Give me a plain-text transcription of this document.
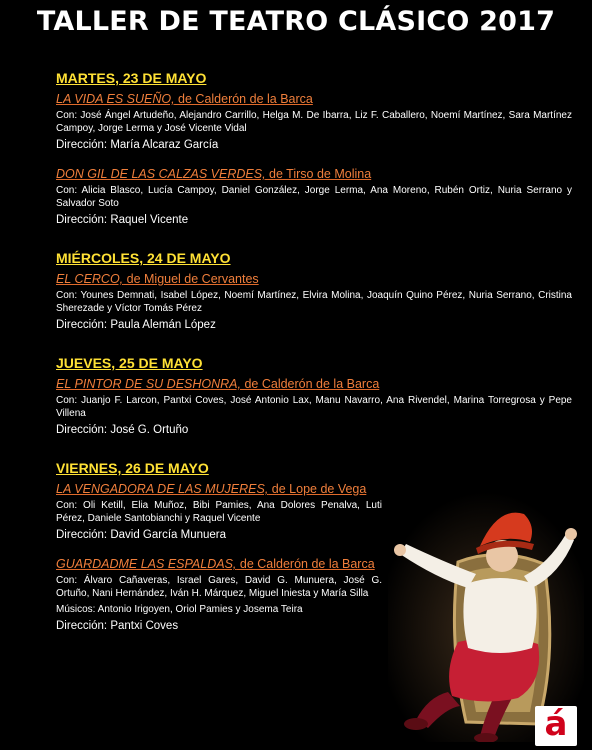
TALLER DE TEATRO CLÁSICO 2017
MARTES, 23 DE MAYO
LA VIDA ES SUEÑO, de Calderón de la Barca
Con: José Ángel Artudeño, Alejandro Carrillo, Helga M. De Ibarra, Liz F. Caballero, Noemí Martínez, Sara Martínez Campoy, Jorge Lerma y José Vicente Vidal
Dirección: María Alcaraz García
DON GIL DE LAS CALZAS VERDES, de Tirso de Molina
Con: Alicia Blasco, Lucía Campoy, Daniel González, Jorge Lerma, Ana Moreno, Rubén Ortiz, Nuria Serrano y Salvador Soto
Dirección: Raquel Vicente
MIÉRCOLES, 24 DE MAYO
EL CERCO, de Miguel de Cervantes
Con: Younes Demnati, Isabel López, Noemí Martínez, Elvira Molina, Joaquín Quino Pérez, Nuria Serrano, Cristina Sherezade y Víctor Tomás Pérez
Dirección: Paula Alemán López
JUEVES, 25 DE MAYO
EL PINTOR DE SU DESHONRA, de Calderón de la Barca
Con: Juanjo F. Larcon, Pantxi Coves, José Antonio Lax, Manu Navarro, Ana Rivendel, Marina Torregrosa y Pepe Villena
Dirección: José G. Ortuño
VIERNES, 26 DE MAYO
LA VENGADORA DE LAS MUJERES, de Lope de Vega
Con: Oli Ketill, Elia Muñoz, Bibi Pamies, Ana Dolores Penalva, Luti Pérez, Daniele Santobianchi y Raquel Vicente
Dirección: David García Munuera
GUARDADME LAS ESPALDAS, de Calderón de la Barca
Con: Álvaro Cañaveras, Israel Gares, David G. Munuera, José G. Ortuño, Nani Hernández, Iván H. Márquez, Miguel Iniesta y María Silla
Músicos: Antonio Irigoyen, Oriol Pamies y Josema Teira
Dirección: Pantxi Coves
á
